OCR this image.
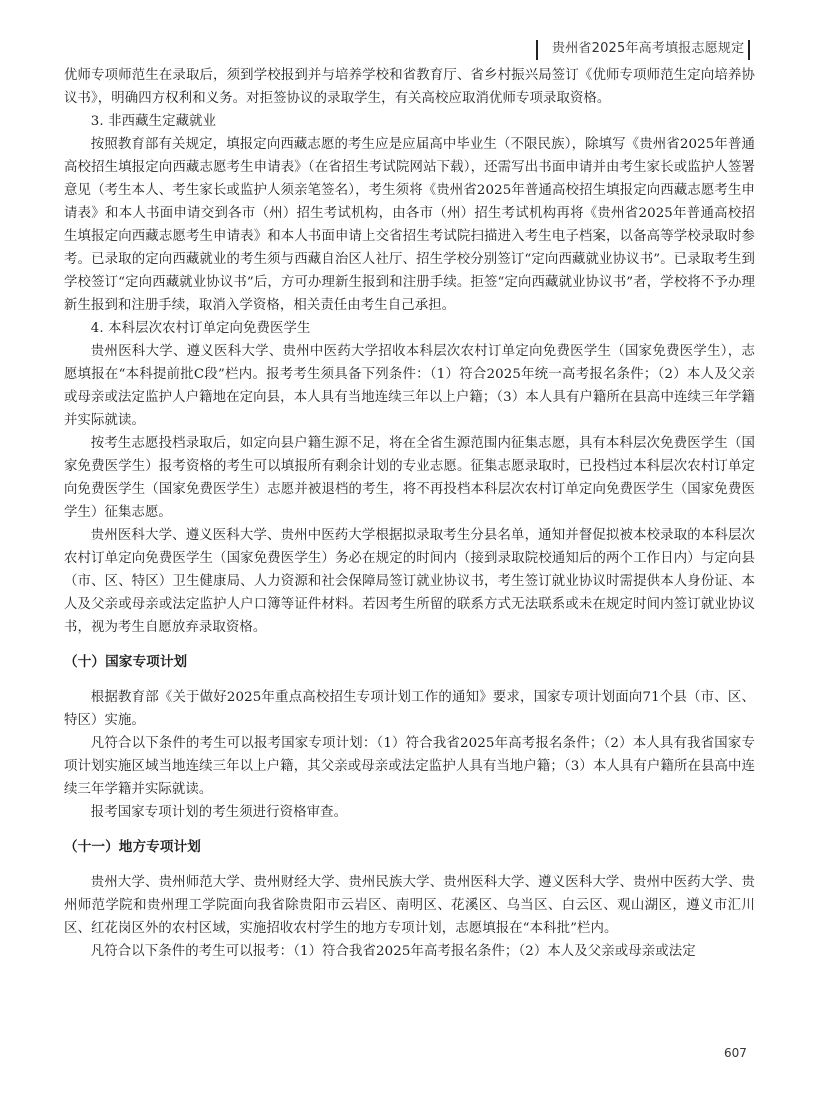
贵州省2025年高考填报志愿规定

优师专项师范生在录取后，须到学校报到并与培养学校和省教育厅、省乡村振兴局签订《优师专项师范生定向培养协议书》，明确四方权利和义务。对拒签协议的录取学生，有关高校应取消优师专项录取资格。

3. 非西藏生定藏就业

按照教育部有关规定，填报定向西藏志愿的考生应是应届高中毕业生（不限民族），除填写《贵州省2025年普通高校招生填报定向西藏志愿考生申请表》（在省招生考试院网站下载），还需写出书面申请并由考生家长或监护人签署意见（考生本人、考生家长或监护人须亲笔签名），考生须将《贵州省2025年普通高校招生填报定向西藏志愿考生申请表》和本人书面申请交到各市（州）招生考试机构，由各市（州）招生考试机构再将《贵州省2025年普通高校招生填报定向西藏志愿考生申请表》和本人书面申请上交省招生考试院扫描进入考生电子档案，以备高等学校录取时参考。已录取的定向西藏就业的考生须与西藏自治区人社厅、招生学校分别签订“定向西藏就业协议书”。已录取考生到学校签订“定向西藏就业协议书”后，方可办理新生报到和注册手续。拒签“定向西藏就业协议书”者，学校将不予办理新生报到和注册手续，取消入学资格，相关责任由考生自己承担。

4. 本科层次农村订单定向免费医学生

贵州医科大学、遵义医科大学、贵州中医药大学招收本科层次农村订单定向免费医学生（国家免费医学生），志愿填报在“本科提前批C段”栏内。报考考生须具备下列条件：（1）符合2025年统一高考报名条件；（2）本人及父亲或母亲或法定监护人户籍地在定向县，本人具有当地连续三年以上户籍；（3）本人具有户籍所在县高中连续三年学籍并实际就读。

按考生志愿投档录取后，如定向县户籍生源不足，将在全省生源范围内征集志愿，具有本科层次免费医学生（国家免费医学生）报考资格的考生可以填报所有剩余计划的专业志愿。征集志愿录取时，已投档过本科层次农村订单定向免费医学生（国家免费医学生）志愿并被退档的考生，将不再投档本科层次农村订单定向免费医学生（国家免费医学生）征集志愿。

贵州医科大学、遵义医科大学、贵州中医药大学根据拟录取考生分县名单，通知并督促拟被本校录取的本科层次农村订单定向免费医学生（国家免费医学生）务必在规定的时间内（接到录取院校通知后的两个工作日内）与定向县（市、区、特区）卫生健康局、人力资源和社会保障局签订就业协议书，考生签订就业协议时需提供本人身份证、本人及父亲或母亲或法定监护人户口簿等证件材料。若因考生所留的联系方式无法联系或未在规定时间内签订就业协议书，视为考生自愿放弃录取资格。

（十）国家专项计划

根据教育部《关于做好2025年重点高校招生专项计划工作的通知》要求，国家专项计划面向71个县（市、区、特区）实施。

凡符合以下条件的考生可以报考国家专项计划：（1）符合我省2025年高考报名条件；（2）本人具有我省国家专项计划实施区域当地连续三年以上户籍，其父亲或母亲或法定监护人具有当地户籍；（3）本人具有户籍所在县高中连续三年学籍并实际就读。

报考国家专项计划的考生须进行资格审查。

（十一）地方专项计划

贵州大学、贵州师范大学、贵州财经大学、贵州民族大学、贵州医科大学、遵义医科大学、贵州中医药大学、贵州师范学院和贵州理工学院面向我省除贵阳市云岩区、南明区、花溪区、乌当区、白云区、观山湖区，遵义市汇川区、红花岗区外的农村区域，实施招收农村学生的地方专项计划，志愿填报在“本科批”栏内。

凡符合以下条件的考生可以报考：（1）符合我省2025年高考报名条件；（2）本人及父亲或母亲或法定

607
